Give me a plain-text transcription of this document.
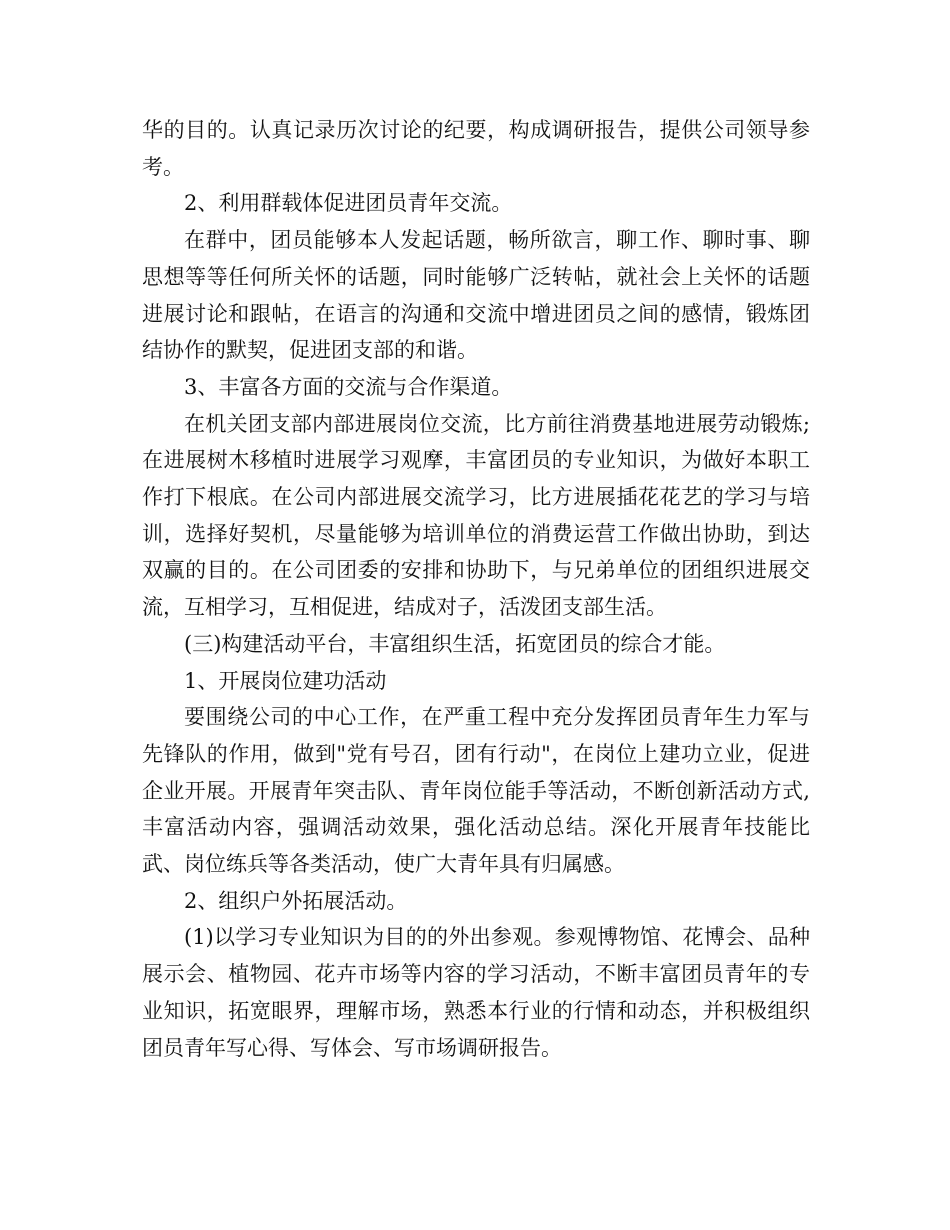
华的目的。认真记录历次讨论的纪要，构成调研报告，提供公司领导参考。

2、利用群载体促进团员青年交流。

在群中，团员能够本人发起话题，畅所欲言，聊工作、聊时事、聊思想等等任何所关怀的话题，同时能够广泛转帖，就社会上关怀的话题进展讨论和跟帖，在语言的沟通和交流中增进团员之间的感情，锻炼团结协作的默契，促进团支部的和谐。

3、丰富各方面的交流与合作渠道。

在机关团支部内部进展岗位交流，比方前往消费基地进展劳动锻炼;在进展树木移植时进展学习观摩，丰富团员的专业知识，为做好本职工作打下根底。在公司内部进展交流学习，比方进展插花花艺的学习与培训，选择好契机，尽量能够为培训单位的消费运营工作做出协助，到达双赢的目的。在公司团委的安排和协助下，与兄弟单位的团组织进展交流，互相学习，互相促进，结成对子，活泼团支部生活。

(三)构建活动平台，丰富组织生活，拓宽团员的综合才能。

1、开展岗位建功活动

要围绕公司的中心工作，在严重工程中充分发挥团员青年生力军与先锋队的作用，做到"党有号召，团有行动"，在岗位上建功立业，促进企业开展。开展青年突击队、青年岗位能手等活动，不断创新活动方式,丰富活动内容，强调活动效果，强化活动总结。深化开展青年技能比武、岗位练兵等各类活动，使广大青年具有归属感。

2、组织户外拓展活动。

(1)以学习专业知识为目的的外出参观。参观博物馆、花博会、品种展示会、植物园、花卉市场等内容的学习活动，不断丰富团员青年的专业知识，拓宽眼界，理解市场，熟悉本行业的行情和动态，并积极组织团员青年写心得、写体会、写市场调研报告。
